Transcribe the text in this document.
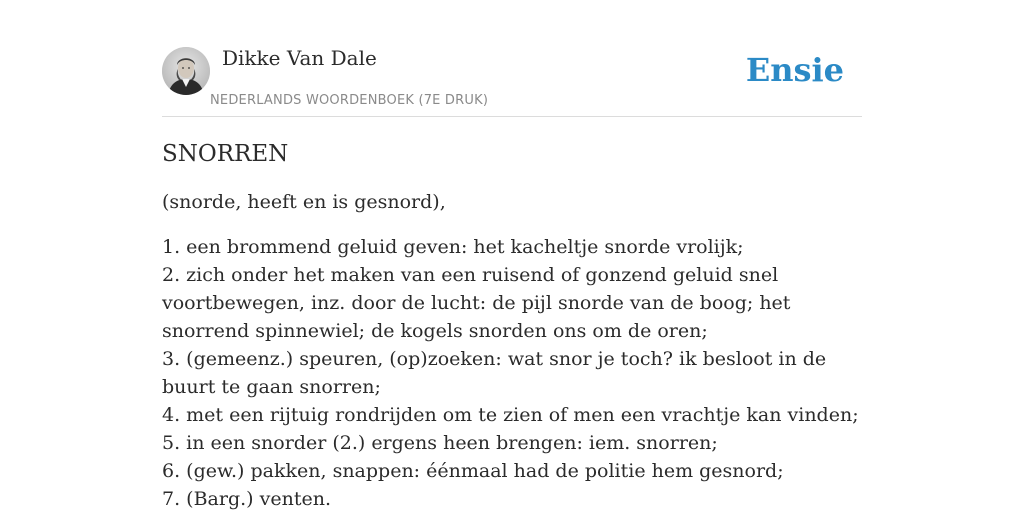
Dikke Van Dale
NEDERLANDS WOORDENBOEK (7E DRUK)
Ensie
SNORREN
(snorde, heeft en is gesnord),

1. een brommend geluid geven: het kacheltje snorde vrolijk;

2. zich onder het maken van een ruisend of gonzend geluid snel voortbewegen, inz. door de lucht: de pijl snorde van de boog; het snorrend spinnewiel; de kogels snorden ons om de oren;

3. (gemeenz.) speuren, (op)zoeken: wat snor je toch? ik besloot in de buurt te gaan snorren;

4. met een rijtuig rondrijden om te zien of men een vrachtje kan vinden;

5. in een snorder (2.) ergens heen brengen: iem. snorren;

6. (gew.) pakken, snappen: éénmaal had de politie hem gesnord;

7. (Barg.) venten.
